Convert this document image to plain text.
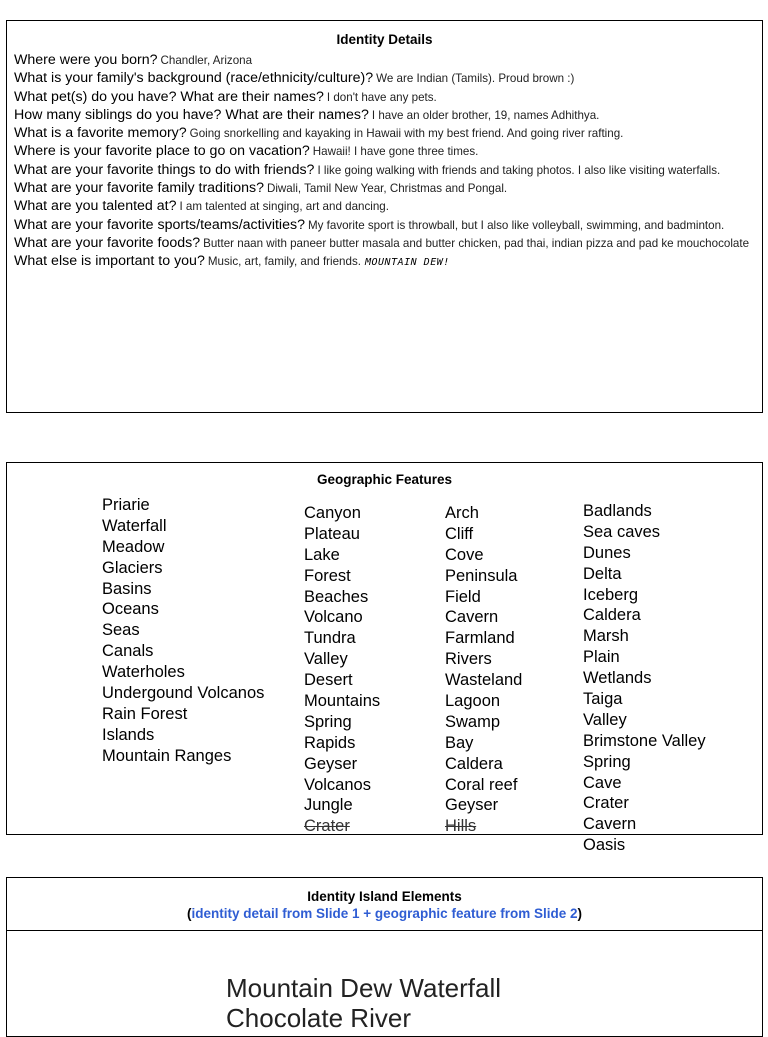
Identity Details
Where were you born? Chandler, Arizona
What is your family's background (race/ethnicity/culture)? We are Indian (Tamils). Proud brown :)
What pet(s) do you have? What are their names? I don't have any pets.
How many siblings do you have? What are their names? I have an older brother, 19, names Adhithya.
What is a favorite memory? Going snorkelling and kayaking in Hawaii with my best friend. And going river rafting.
Where is your favorite place to go on vacation? Hawaii! I have gone three times.
What are your favorite things to do with friends? I like going walking with friends and taking photos. I also like visiting waterfalls.
What are your favorite family traditions? Diwali, Tamil New Year, Christmas and Pongal.
What are you talented at? I am talented at singing, art and dancing.
What are your favorite sports/teams/activities? My favorite sport is throwball, but I also like volleyball, swimming, and badminton.
What are your favorite foods? Butter naan with paneer butter masala and butter chicken, pad thai, indian pizza and pad ke mouchocolate
What else is important to you? Music, art, family, and friends. MOUNTAIN DEW!
Geographic Features
Priarie
Waterfall
Meadow
Glaciers
Basins
Oceans
Seas
Canals
Waterholes
Undergound Volcanos
Rain Forest
Islands
Mountain Ranges
Canyon
Plateau
Lake
Forest
Beaches
Volcano
Tundra
Valley
Desert
Mountains
Spring
Rapids
Geyser
Volcanos
Jungle
Crater
Arch
Cliff
Cove
Peninsula
Field
Cavern
Farmland
Rivers
Wasteland
Lagoon
Swamp
Bay
Caldera
Coral reef
Geyser
Hills
Badlands
Sea caves
Dunes
Delta
Iceberg
Caldera
Marsh
Plain
Wetlands
Taiga
Valley
Brimstone Valley
Spring
Cave
Crater
Cavern
Oasis
Identity Island Elements
(identity detail from Slide 1 + geographic feature from Slide 2)
Mountain Dew Waterfall
Chocolate River
